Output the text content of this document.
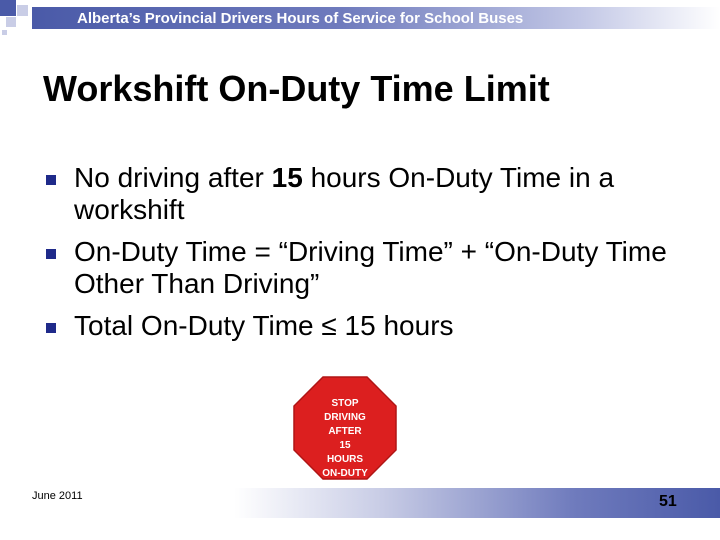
Alberta’s Provincial Drivers Hours of Service for School Buses
Workshift On-Duty Time Limit
No driving after 15 hours On-Duty Time in a workshift
On-Duty Time = “Driving Time” + “On-Duty Time Other Than Driving”
Total On-Duty Time ≤ 15 hours
STOP
DRIVING
AFTER
15
HOURS
ON-DUTY
June 2011	51
